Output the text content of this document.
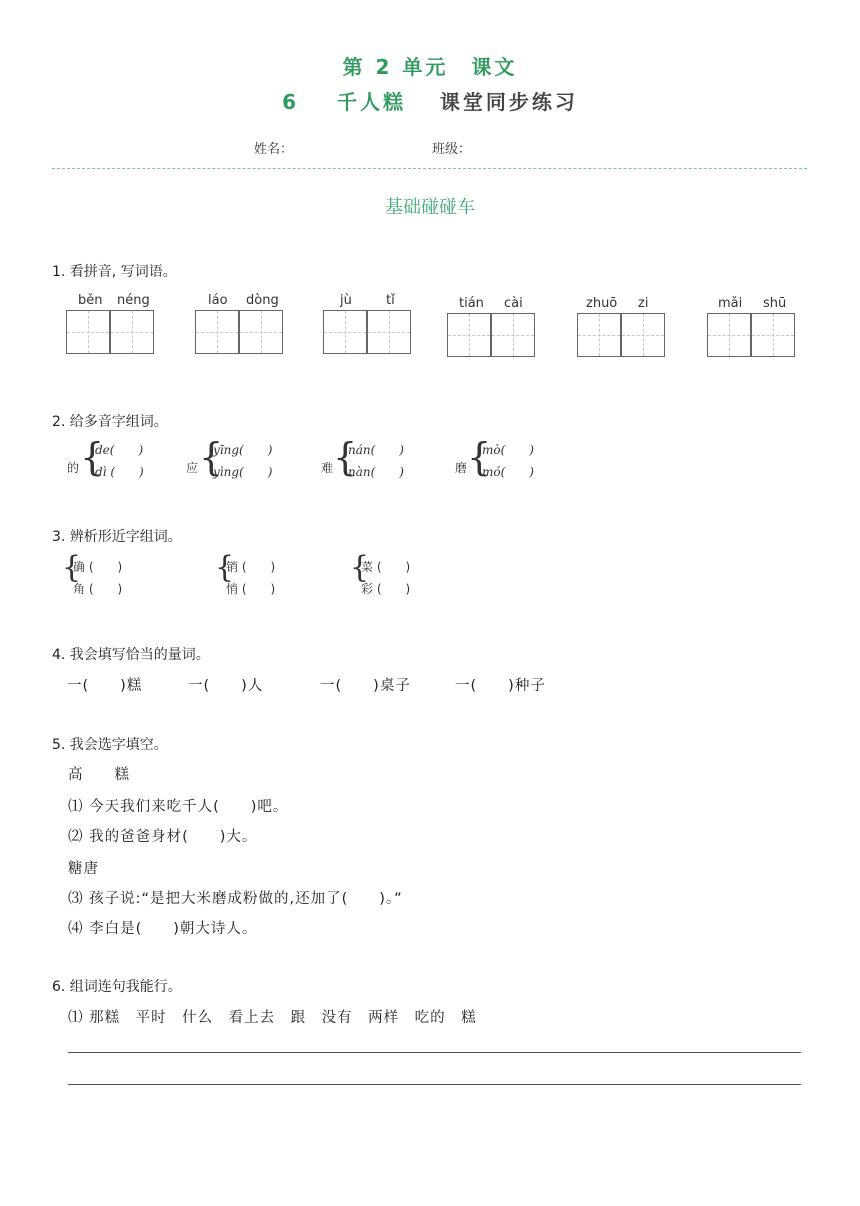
第 2 单元　课文
6 千人糕 课堂同步练习
姓名：	班级：
基础碰碰车
1. 看拼音, 写词语。
běn néng	láo dòng	jù	tǐ	tián cài	zhuō zi	mǎi shū
2. 给多音字组词。
的 {
de(　　)
dì (　　)	应 {
yīng(　　)
yìng(　　)	难 {
nán(　　)
nàn(　　)	磨 {
mò(　　)
mó(　　)
3. 辨析形近字组词。
{
确 (　　)
角 (　　)
{
销 (　　)
悄 (　　)
{
菜 (　　)
彩 (　　)
4. 我会填写恰当的量词。
一(　　)糕	一(　　)人	一(　　)桌子	一(　　)种子
5. 我会选字填空。
高　　糕
⑴ 今天我们来吃千人(　　)吧。
⑵ 我的爸爸身材(　　)大。
糖唐
⑶ 孩子说:“是把大米磨成粉做的,还加了(　　)。”
⑷ 李白是(　　)朝大诗人。
6. 组词连句我能行。
⑴ 那糕　平时　什么　看上去　跟　没有　两样　吃的　糕
